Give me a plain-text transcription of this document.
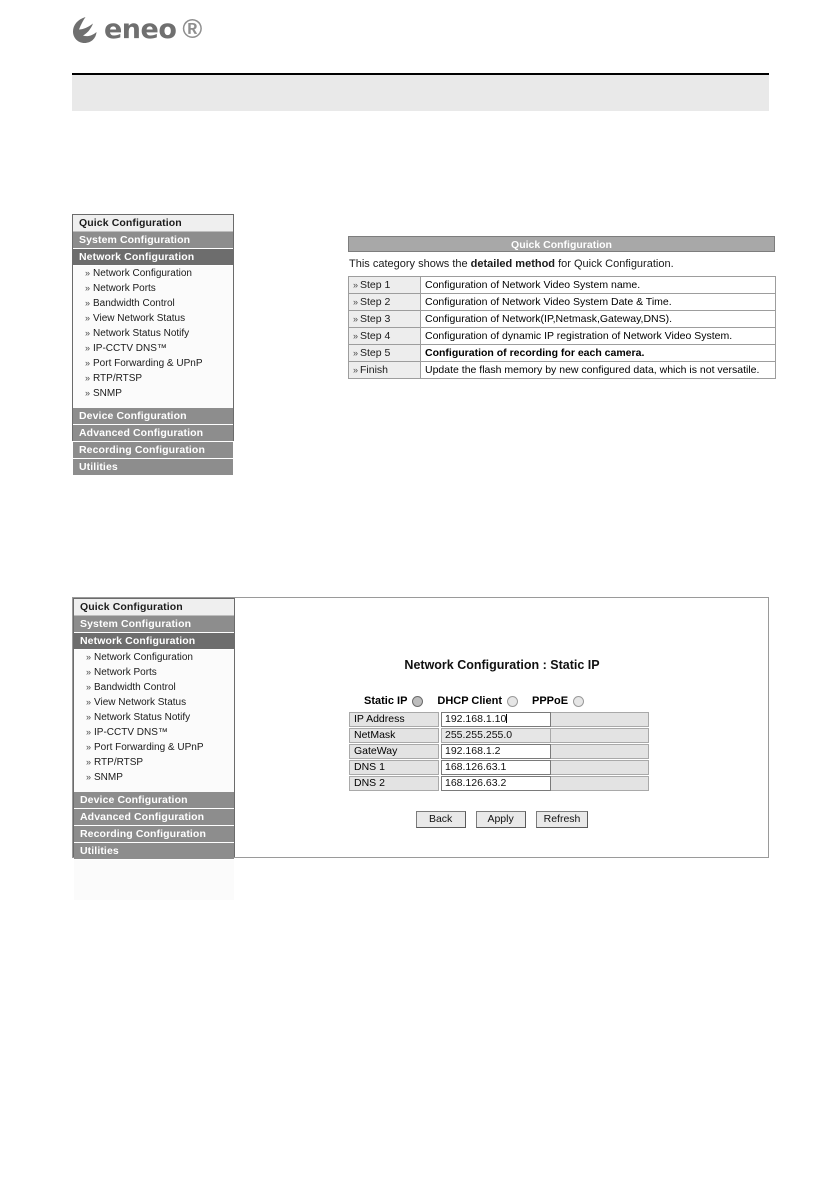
eneo ®
Quick Configuration
System Configuration
Network Configuration
» Network Configuration
» Network Ports
» Bandwidth Control
» View Network Status
» Network Status Notify
» IP-CCTV DNS™
» Port Forwarding & UPnP
» RTP/RTSP
» SNMP
Device Configuration
Advanced Configuration
Recording Configuration
Utilities
Quick Configuration
This category shows the detailed method for Quick Configuration.
» Step 1	Configuration of Network Video System name.
» Step 2	Configuration of Network Video System Date & Time.
» Step 3	Configuration of Network(IP,Netmask,Gateway,DNS).
» Step 4	Configuration of dynamic IP registration of Network Video System.
» Step 5	Configuration of recording for each camera.
» Finish	Update the flash memory by new configured data, which is not versatile.
Quick Configuration
System Configuration
Network Configuration
» Network Configuration
» Network Ports
» Bandwidth Control
» View Network Status
» Network Status Notify
» IP-CCTV DNS™
» Port Forwarding & UPnP
» RTP/RTSP
» SNMP
Device Configuration
Advanced Configuration
Recording Configuration
Utilities
Network Configuration : Static IP
Static IP	DHCP Client	PPPoE
IP Address	192.168.1.10
NetMask	255.255.255.0
GateWay	192.168.1.2
DNS 1	168.126.63.1
DNS 2	168.126.63.2
Back	Apply	Refresh
